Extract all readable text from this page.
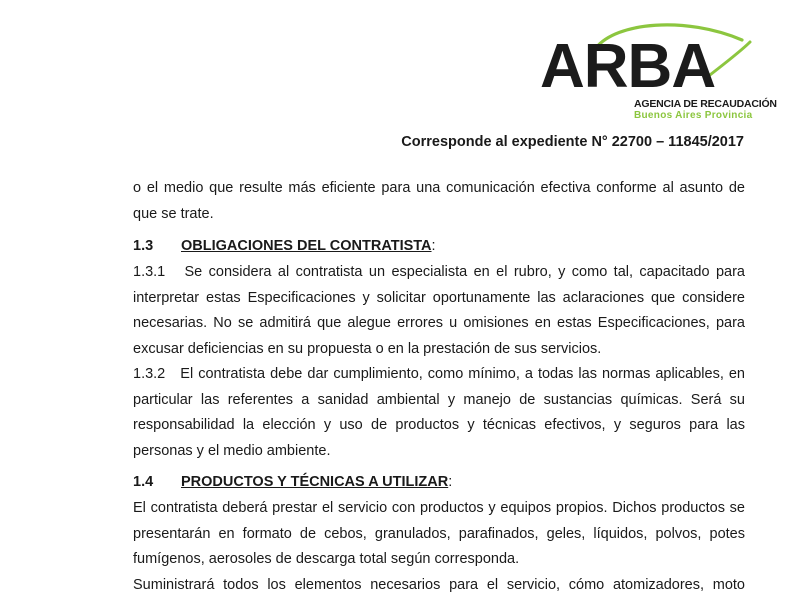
ARBA
AGENCIA DE RECAUDACIÓN
Buenos Aires Provincia
Corresponde al expediente N° 22700 – 11845/2017

o el medio que resulte más eficiente para una comunicación efectiva conforme al asunto de que se trate.

1.3 OBLIGACIONES DEL CONTRATISTA:

1.3.1   Se considera al contratista un especialista en el rubro, y como tal, capacitado para interpretar estas Especificaciones y solicitar oportunamente las aclaraciones que considere necesarias. No se admitirá que alegue errores u omisiones en estas Especificaciones, para excusar deficiencias en su propuesta o en la prestación de sus servicios.

1.3.2   El contratista debe dar cumplimiento, como mínimo, a todas las normas aplicables, en particular las referentes a sanidad ambiental y manejo de sustancias químicas. Será su responsabilidad la elección y uso de productos y técnicas efectivos, y seguros para las personas y el medio ambiente.

1.4 PRODUCTOS Y TÉCNICAS A UTILIZAR:

El contratista deberá prestar el servicio con productos y equipos propios. Dichos productos se presentarán en formato de cebos, granulados, parafinados, geles, líquidos, polvos, potes fumígenos, aerosoles de descarga total según corresponda.

Suministrará todos los elementos necesarios para el servicio, cómo atomizadores, moto
